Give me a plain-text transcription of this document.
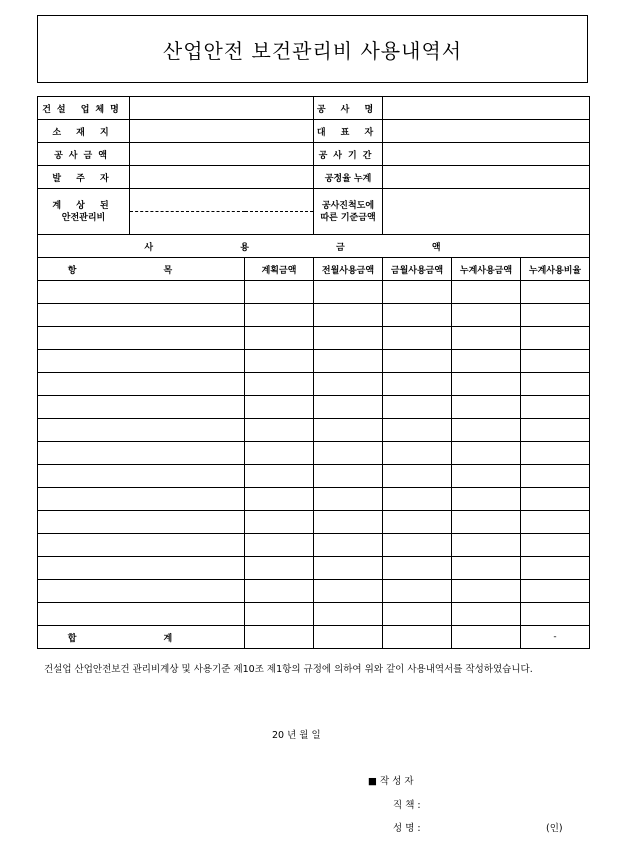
산업안전 보건관리비 사용내역서
건설 업체명			공 사 명			
소 재 지			대 표 자			
공사금액			공사기간			
발 주 자			공정율 누계			
계 상 된
안전관리비			공사진척도에
따른 기준금액			

사 용 금 액						
항 목		계획금액	전월사용금액	금월사용금액	누계사용금액	누계사용비율

합 계						-
건설업 산업안전보건 관리비계상 및 사용기준 제10조 제1항의 규정에 의하여 위와 같이 사용내역서를 작성하였습니다.
20 년 월 일
■ 작 성 자
직 책 :
성 명 :	(인)
